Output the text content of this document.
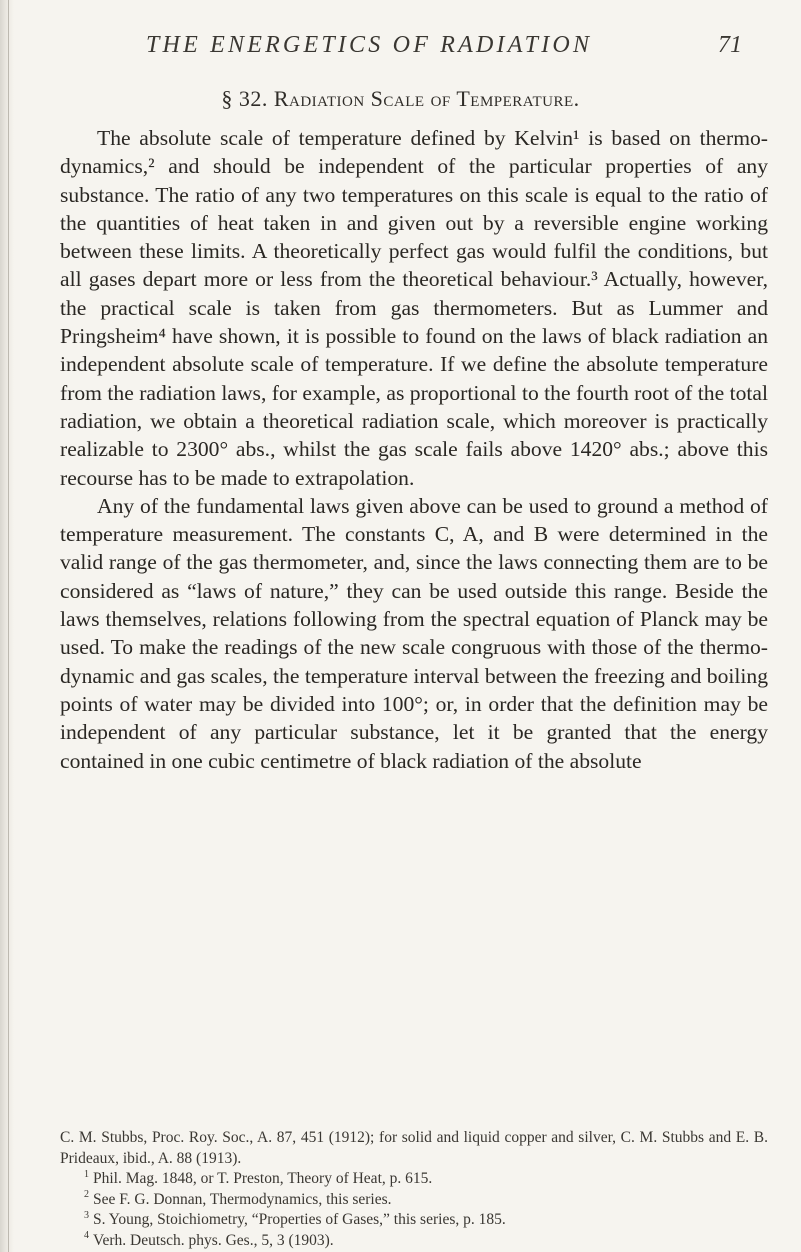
THE ENERGETICS OF RADIATION	71
§ 32. Radiation Scale of Temperature.

The absolute scale of temperature defined by Kelvin¹ is based on thermo-dynamics,² and should be independent of the particular properties of any substance. The ratio of any two temperatures on this scale is equal to the ratio of the quantities of heat taken in and given out by a reversible engine working between these limits. A theoretically perfect gas would fulfil the conditions, but all gases depart more or less from the theoretical behaviour.³ Actually, however, the practical scale is taken from gas thermometers. But as Lummer and Pringsheim⁴ have shown, it is possible to found on the laws of black radiation an independent absolute scale of temperature. If we define the absolute temperature from the radiation laws, for example, as proportional to the fourth root of the total radiation, we obtain a theoretical radiation scale, which moreover is practically realizable to 2300° abs., whilst the gas scale fails above 1420° abs.; above this recourse has to be made to extrapolation.

Any of the fundamental laws given above can be used to ground a method of temperature measurement. The constants C, A, and B were determined in the valid range of the gas thermometer, and, since the laws connecting them are to be considered as “laws of nature,” they can be used outside this range. Beside the laws themselves, relations following from the spectral equation of Planck may be used. To make the readings of the new scale congruous with those of the thermo-dynamic and gas scales, the temperature interval between the freezing and boiling points of water may be divided into 100°; or, in order that the definition may be independent of any particular substance, let it be granted that the energy contained in one cubic centimetre of black radiation of the absolute

C. M. Stubbs, Proc. Roy. Soc., A. 87, 451 (1912); for solid and liquid copper and silver, C. M. Stubbs and E. B. Prideaux, ibid., A. 88 (1913).
$^1$ Phil. Mag. 1848, or T. Preston, Theory of Heat, p. 615.
$^2$ See F. G. Donnan, Thermodynamics, this series.
$^3$ S. Young, Stoichiometry, “Properties of Gases,” this series, p. 185.
$^4$ Verh. Deutsch. phys. Ges., 5, 3 (1903).
